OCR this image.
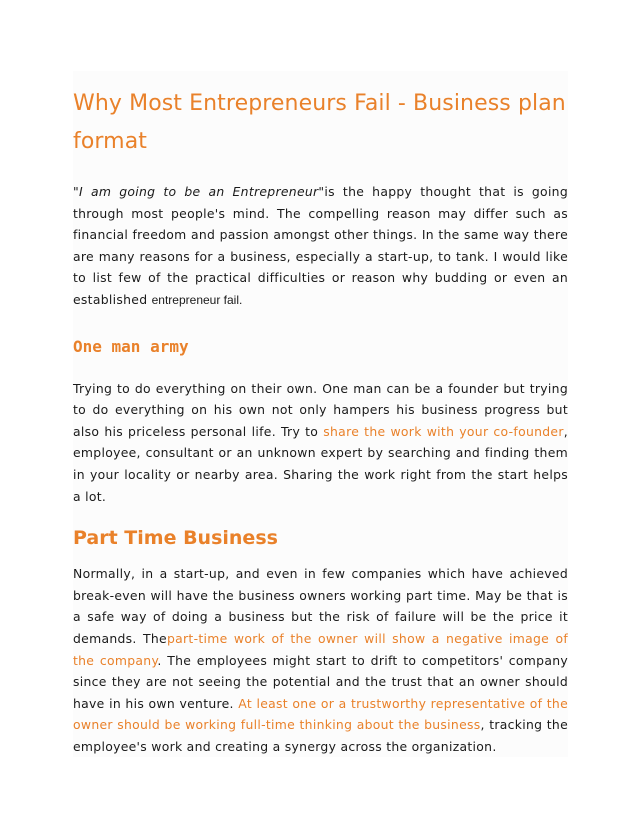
Why Most Entrepreneurs Fail - Business plan format

"I am going to be an Entrepreneur"is the happy thought that is going through most people's mind. The compelling reason may differ such as financial freedom and passion amongst other things. In the same way there are many reasons for a business, especially a start-up, to tank. I would like to list few of the practical difficulties or reason why budding or even an established entrepreneur fail.

One man army

Trying to do everything on their own. One man can be a founder but trying to do everything on his own not only hampers his business progress but also his priceless personal life. Try to share the work with your co-founder, employee, consultant or an unknown expert by searching and finding them in your locality or nearby area. Sharing the work right from the start helps a lot.

Part Time Business

Normally, in a start-up, and even in few companies which have achieved break-even will have the business owners working part time. May be that is a safe way of doing a business but the risk of failure will be the price it demands. Thepart-time work of the owner will show a negative image of the company. The employees might start to drift to competitors' company since they are not seeing the potential and the trust that an owner should have in his own venture. At least one or a trustworthy representative of the owner should be working full-time thinking about the business, tracking the employee's work and creating a synergy across the organization.
